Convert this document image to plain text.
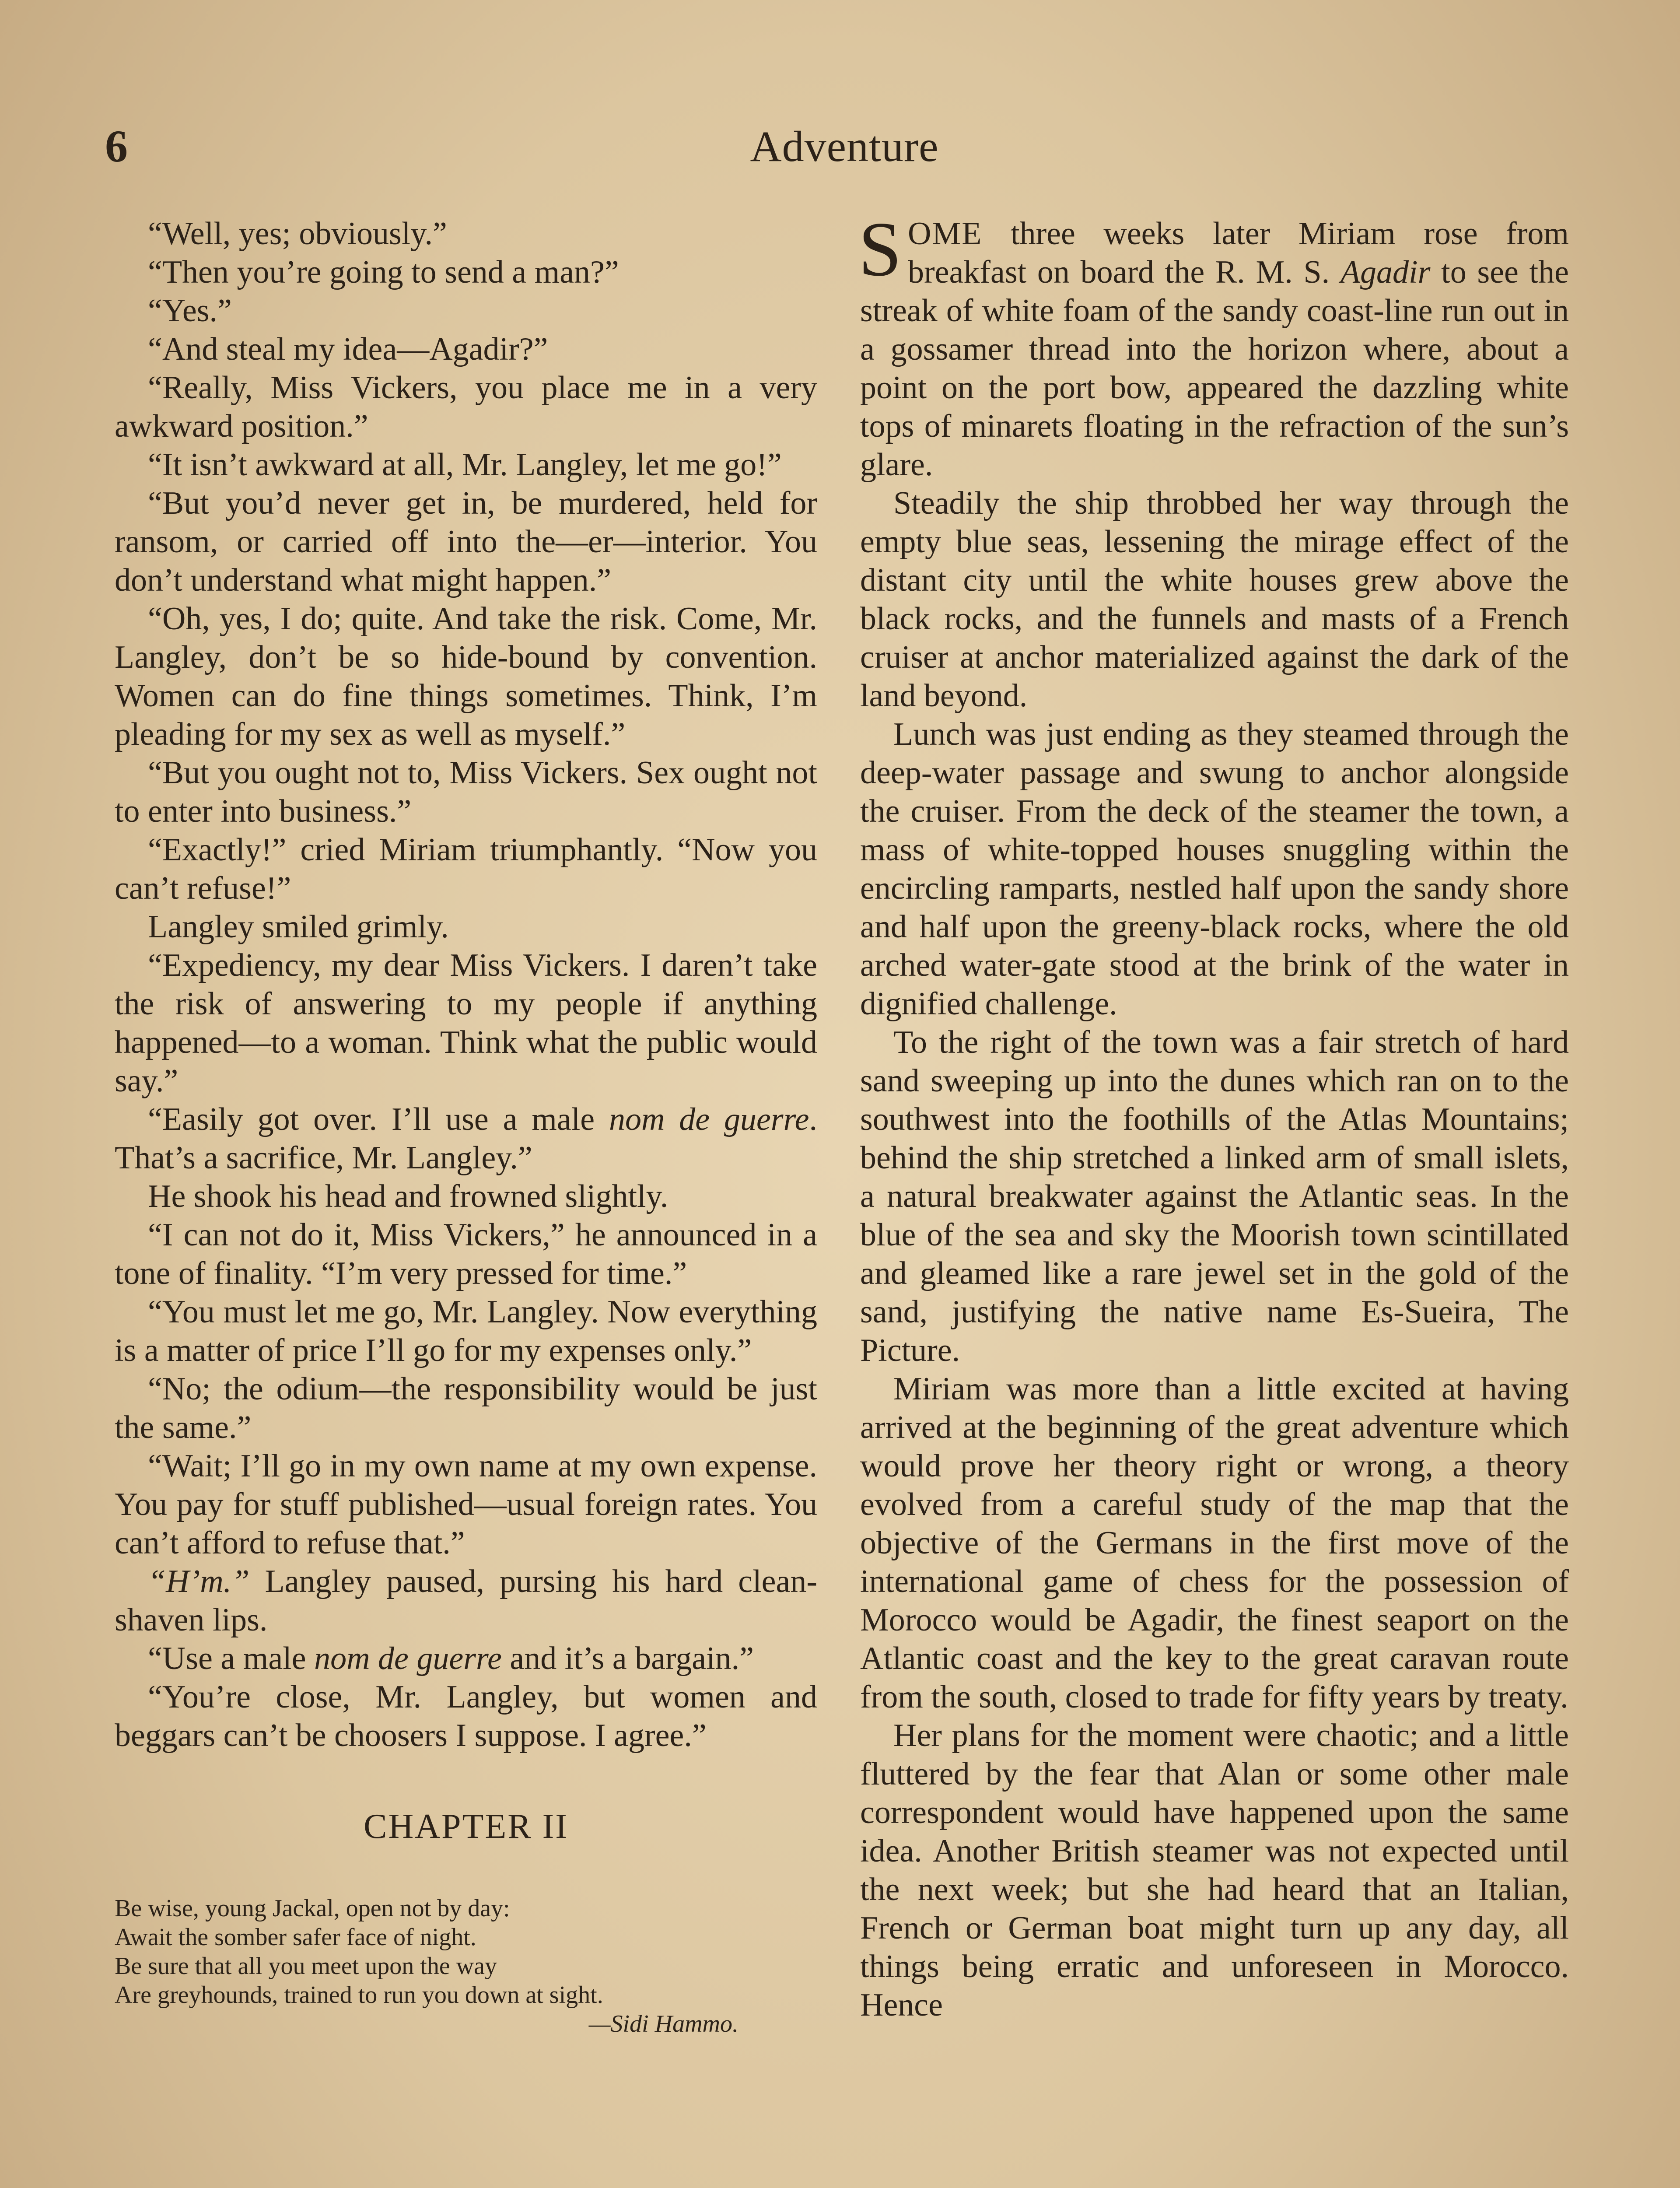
6	Adventure

“Well, yes; obviously.”

“Then you’re going to send a man?”

“Yes.”

“And steal my idea—Agadir?”

“Really, Miss Vickers, you place me in a very awkward position.”

“It isn’t awkward at all, Mr. Langley, let me go!”

“But you’d never get in, be murdered, held for ransom, or carried off into the—er—interior. You don’t understand what might happen.”

“Oh, yes, I do; quite. And take the risk. Come, Mr. Langley, don’t be so hide-bound by convention. Women can do fine things sometimes. Think, I’m pleading for my sex as well as myself.”

“But you ought not to, Miss Vickers. Sex ought not to enter into business.”

“Exactly!” cried Miriam triumphantly. “Now you can’t refuse!”

Langley smiled grimly.

“Expediency, my dear Miss Vickers. I daren’t take the risk of answering to my people if anything happened—to a woman. Think what the public would say.”

“Easily got over. I’ll use a male nom de guerre. That’s a sacrifice, Mr. Langley.”

He shook his head and frowned slightly.

“I can not do it, Miss Vickers,” he announced in a tone of finality. “I’m very pressed for time.”

“You must let me go, Mr. Langley. Now everything is a matter of price I’ll go for my expenses only.”

“No; the odium—the responsibility would be just the same.”

“Wait; I’ll go in my own name at my own expense. You pay for stuff published—usual foreign rates. You can’t afford to refuse that.”

“H’m.” Langley paused, pursing his hard clean-shaven lips.

“Use a male nom de guerre and it’s a bargain.”

“You’re close, Mr. Langley, but women and beggars can’t be choosers I suppose. I agree.”

CHAPTER II
Be wise, young Jackal, open not by day:
Await the somber safer face of night.
Be sure that all you meet upon the way
Are greyhounds, trained to run you down at sight.
—Sidi Hammo.

SOME three weeks later Miriam rose from breakfast on board the R. M. S. Agadir to see the streak of white foam of the sandy coast-line run out in a gossamer thread into the horizon where, about a point on the port bow, appeared the dazzling white tops of minarets floating in the refraction of the sun’s glare.

Steadily the ship throbbed her way through the empty blue seas, lessening the mirage effect of the distant city until the white houses grew above the black rocks, and the funnels and masts of a French cruiser at anchor materialized against the dark of the land beyond.

Lunch was just ending as they steamed through the deep-water passage and swung to anchor alongside the cruiser. From the deck of the steamer the town, a mass of white-topped houses snuggling within the encircling ramparts, nestled half upon the sandy shore and half upon the greeny-black rocks, where the old arched water-gate stood at the brink of the water in dignified challenge.

To the right of the town was a fair stretch of hard sand sweeping up into the dunes which ran on to the southwest into the foothills of the Atlas Mountains; behind the ship stretched a linked arm of small islets, a natural breakwater against the Atlantic seas. In the blue of the sea and sky the Moorish town scintillated and gleamed like a rare jewel set in the gold of the sand, justifying the native name Es-Sueira, The Picture.

Miriam was more than a little excited at having arrived at the beginning of the great adventure which would prove her theory right or wrong, a theory evolved from a careful study of the map that the objective of the Germans in the first move of the international game of chess for the possession of Morocco would be Agadir, the finest seaport on the Atlantic coast and the key to the great caravan route from the south, closed to trade for fifty years by treaty.

Her plans for the moment were chaotic; and a little fluttered by the fear that Alan or some other male correspondent would have happened upon the same idea. Another British steamer was not expected until the next week; but she had heard that an Italian, French or German boat might turn up any day, all things being erratic and unforeseen in Morocco. Hence
